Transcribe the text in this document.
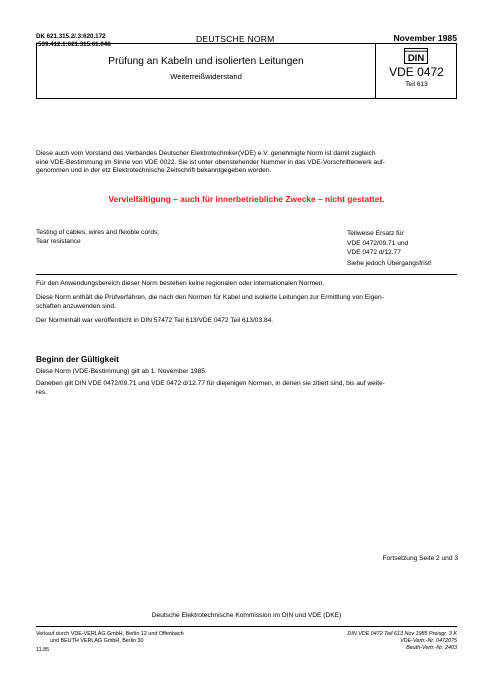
DK 621.315.2/.3:620.172
:539.412.1:621.315.61.048	DEUTSCHE NORM	November 1985
Prüfung an Kabeln und isolierten Leitungen
Weiterreißwiderstand
DIN
VDE 0472
Teil 613
Diese auch vom Vorstand des Verbandes Deutscher Elektrotechniker(VDE) e.V. genehmigte Norm ist damit zugleich
eine VDE-Bestimmung im Sinne von VDE 0022. Sie ist unter obenstehender Nummer in das VDE-Vorschriftenwerk auf-
genommen und in der etz Elektrotechnische Zeitschrift bekanntgegeben worden.
Vervielfältigung – auch für innerbetriebliche Zwecke – nicht gestattet.
Testing of cables, wires and flexible cords;
Tear resistance
Teilweise Ersatz für
VDE 0472/09.71 und
VDE 0472 d/12.77
Siehe jedoch Übergangsfrist!
Für den Anwendungsbereich dieser Norm bestehen keine regionalen oder internationalen Normen.
Diese Norm enthält die Prüfverfahren, die nach den Normen für Kabel und isolierte Leitungen zur Ermittlung von Eigen-
schaften anzuwenden sind.
Der Norminhalt war veröffentlicht in DIN 57472 Teil 613/VDE 0472 Teil 613/03.84.
Beginn der Gültigkeit
Diese Norm (VDE-Bestimmung) gilt ab 1. November 1985.
Daneben gilt DIN VDE 0472/09.71 und VDE 0472 d/12.77 für diejenigen Normen, in denen sie zitiert sind, bis auf weite-
res.
Fortsetzung Seite 2 und 3
Deutsche Elektrotechnische Kommission im DIN und VDE (DKE)
Verkauf durch VDE-VERLAG GmbH, Berlin 12 und Offenbach
und BEUTH VERLAG GmbH, Berlin 30
11.85
DIN VDE 0472 Teil 613 Nov 1985 Preisgr. 3 K
VDE-Vertr.-Nr. 0472075
Beuth-Vertr.-Nr. 2403
